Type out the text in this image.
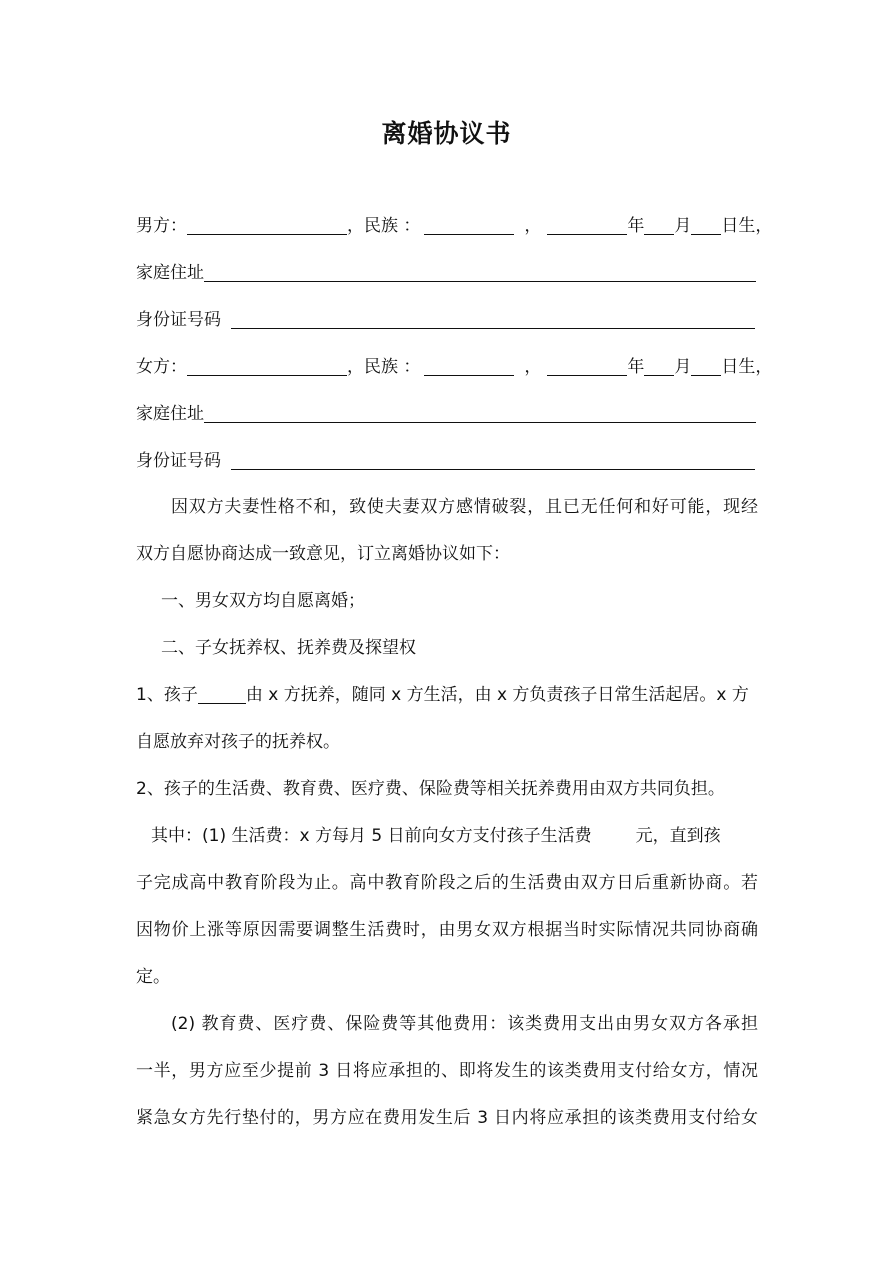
离婚协议书
男方：	，民族 ：	，	年 月 日生，
家庭住址
身份证号码
女方：	，民族 ：	，	年 月 日生，
家庭住址
身份证号码
因双方夫妻性格不和，致使夫妻双方感情破裂，且已无任何和好可能，现经
双方自愿协商达成一致意见，订立离婚协议如下：
一、男女双方均自愿离婚；
二、子女抚养权、抚养费及探望权
1、孩子	由 x 方抚养，随同 x 方生活，由 x 方负责孩子日常生活起居。x 方
自愿放弃对孩子的抚养权。
2、孩子的生活费、教育费、医疗费、保险费等相关抚养费用由双方共同负担。
其中：(1) 生活费：x 方每月 5 日前向女方支付孩子生活费	元，直到孩
子完成高中教育阶段为止。高中教育阶段之后的生活费由双方日后重新协商。若
因物价上涨等原因需要调整生活费时，由男女双方根据当时实际情况共同协商确
定。
(2) 教育费、医疗费、保险费等其他费用：该类费用支出由男女双方各承担
一半，男方应至少提前 3 日将应承担的、即将发生的该类费用支付给女方，情况
紧急女方先行垫付的，男方应在费用发生后 3 日内将应承担的该类费用支付给女
